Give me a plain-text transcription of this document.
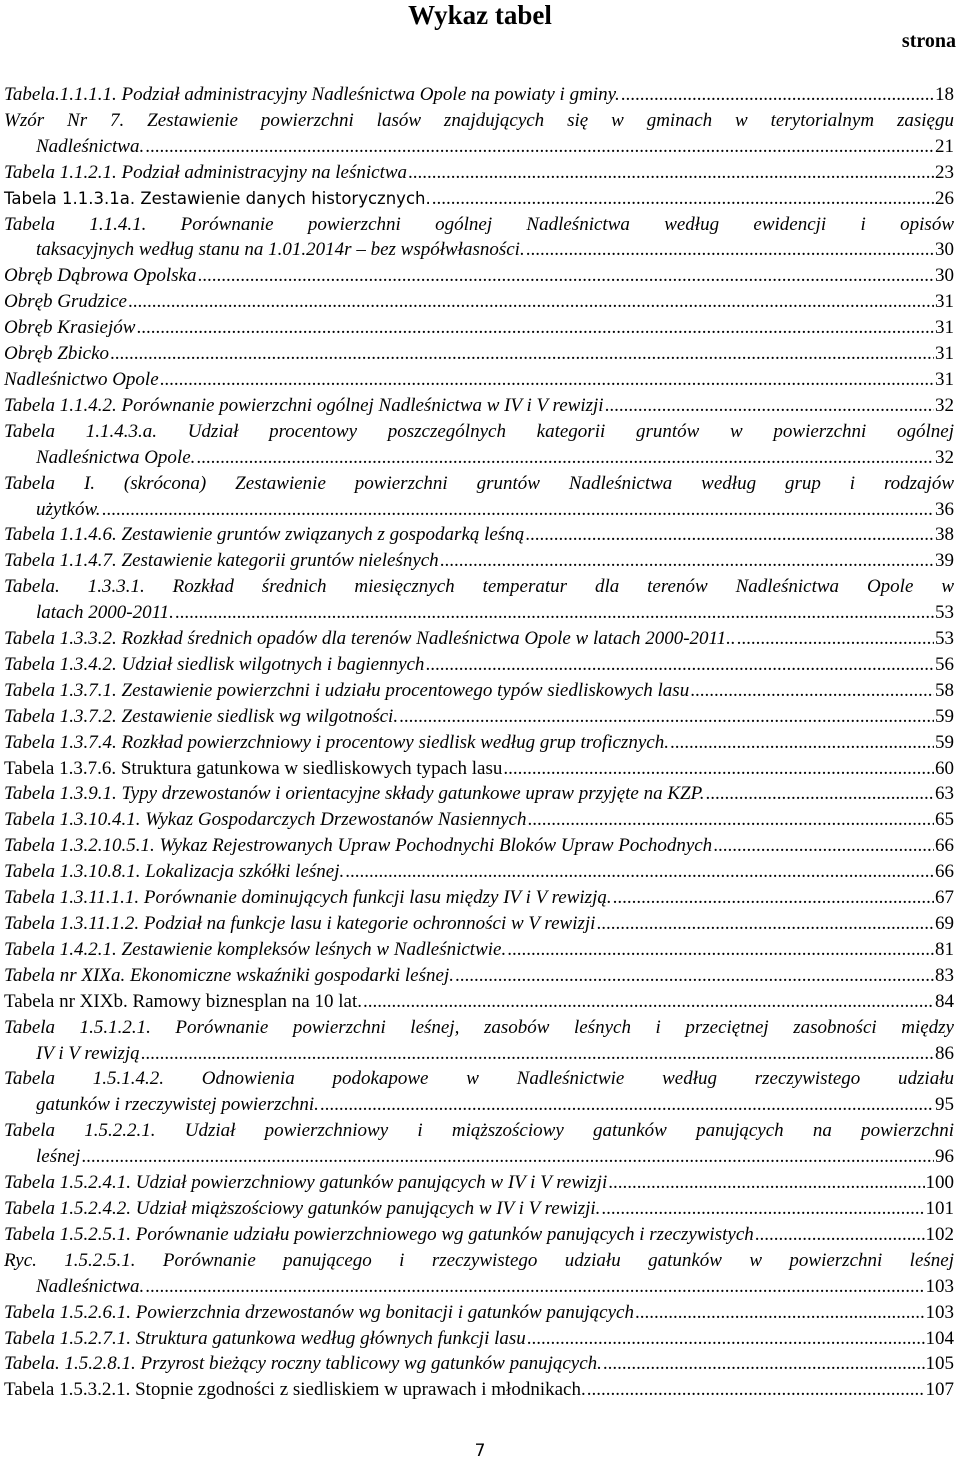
Wykaz tabel
strona
Tabela.1.1.1.1. Podział administracyjny Nadleśnictwa Opole na powiaty i gminy. .....	18
Wzór Nr 7. Zestawienie powierzchni lasów znajdujących się w gminach w terytorialnym zasięgu
Nadleśnictwa. .....	21
Tabela 1.1.2.1. Podział administracyjny na leśnictwa .....	23
Tabela 1.1.3.1a. Zestawienie danych historycznych. .....	26
Tabela 1.1.4.1. Porównanie powierzchni ogólnej Nadleśnictwa według ewidencji i opisów
taksacyjnych według stanu na 1.01.2014r – bez współwłasności. .....	30
Obręb Dąbrowa Opolska .....	30
Obręb Grudzice .....	31
Obręb Krasiejów .....	31
Obręb Zbicko .....	31
Nadleśnictwo Opole .....	31
Tabela 1.1.4.2. Porównanie powierzchni ogólnej Nadleśnictwa w IV i V rewizji .....	32
Tabela 1.1.4.3.a. Udział procentowy poszczególnych kategorii gruntów w powierzchni ogólnej
Nadleśnictwa Opole. .....	32
Tabela I. (skrócona) Zestawienie powierzchni gruntów Nadleśnictwa według grup i rodzajów
użytków. .....	36
Tabela 1.1.4.6. Zestawienie gruntów związanych z gospodarką leśną .....	38
Tabela 1.1.4.7. Zestawienie kategorii gruntów nieleśnych .....	39
Tabela. 1.3.3.1. Rozkład średnich miesięcznych temperatur dla terenów Nadleśnictwa Opole w
latach 2000-2011. .....	53
Tabela 1.3.3.2. Rozkład średnich opadów dla terenów Nadleśnictwa Opole w latach 2000-2011.. .....	53
Tabela 1.3.4.2. Udział siedlisk wilgotnych i bagiennych .....	56
Tabela 1.3.7.1. Zestawienie powierzchni i udziału procentowego typów siedliskowych lasu .....	58
Tabela 1.3.7.2. Zestawienie siedlisk wg wilgotności. .....	59
Tabela 1.3.7.4. Rozkład powierzchniowy i procentowy siedlisk według grup troficznych. .....	59
Tabela 1.3.7.6. Struktura gatunkowa w siedliskowych typach lasu .....	60
Tabela 1.3.9.1. Typy drzewostanów i orientacyjne składy gatunkowe upraw przyjęte na KZP. .....	63
Tabela 1.3.10.4.1. Wykaz Gospodarczych Drzewostanów Nasiennych .....	65
Tabela 1.3.2.10.5.1. Wykaz Rejestrowanych Upraw Pochodnychi Bloków Upraw Pochodnych .....	66
Tabela 1.3.10.8.1. Lokalizacja szkółki leśnej. .....	66
Tabela 1.3.11.1.1. Porównanie dominujących funkcji lasu między IV i V rewizją. .....	67
Tabela 1.3.11.1.2. Podział na funkcje lasu i kategorie ochronności w V rewizji .....	69
Tabela 1.4.2.1. Zestawienie kompleksów leśnych w Nadleśnictwie. .....	81
Tabela nr XIXa. Ekonomiczne wskaźniki gospodarki leśnej. .....	83
Tabela nr XIXb. Ramowy biznesplan na 10 lat. .....	84
Tabela 1.5.1.2.1. Porównanie powierzchni leśnej, zasobów leśnych i przeciętnej zasobności między
IV i V rewizją .....	86
Tabela 1.5.1.4.2. Odnowienia podokapowe w Nadleśnictwie według rzeczywistego udziału
gatunków i rzeczywistej powierzchni. .....	95
Tabela 1.5.2.2.1. Udział powierzchniowy i miąższościowy gatunków panujących na powierzchni
leśnej .....	96
Tabela 1.5.2.4.1. Udział powierzchniowy gatunków panujących w IV i V rewizji .....	100
Tabela 1.5.2.4.2. Udział miąższościowy gatunków panujących w IV i V rewizji. .....	101
Tabela 1.5.2.5.1. Porównanie udziału powierzchniowego wg gatunków panujących i rzeczywistych .....	102
Ryc. 1.5.2.5.1. Porównanie panującego i rzeczywistego udziału gatunków w powierzchni leśnej
Nadleśnictwa. .....	103
Tabela 1.5.2.6.1. Powierzchnia drzewostanów wg bonitacji i gatunków panujących .....	103
Tabela 1.5.2.7.1. Struktura gatunkowa według głównych funkcji lasu .....	104
Tabela. 1.5.2.8.1. Przyrost bieżący roczny tablicowy wg gatunków panujących. .....	105
Tabela 1.5.3.2.1. Stopnie zgodności z siedliskiem w uprawach i młodnikach. .....	107
7
